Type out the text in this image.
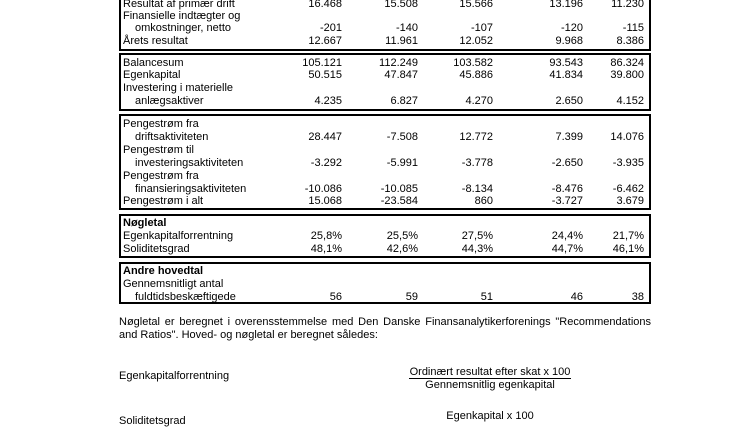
Resultat af primær drift	16.468	15.508	15.566	13.196	11.230
Finansielle indtægter og
omkostninger, netto	-201	-140	-107	-120	-115
Årets resultat	12.667	11.961	12.052	9.968	8.386
Balancesum	105.121	112.249	103.582	93.543	86.324
Egenkapital	50.515	47.847	45.886	41.834	39.800
Investering i materielle
anlægsaktiver	4.235	6.827	4.270	2.650	4.152
Pengestrøm fra
driftsaktiviteten	28.447	-7.508	12.772	7.399	14.076
Pengestrøm til
investeringsaktiviteten	-3.292	-5.991	-3.778	-2.650	-3.935
Pengestrøm fra
finansieringsaktiviteten	-10.086	-10.085	-8.134	-8.476	-6.462
Pengestrøm i alt	15.068	-23.584	860	-3.727	3.679
Nøgletal
Egenkapitalforrentning	25,8%	25,5%	27,5%	24,4%	21,7%
Soliditetsgrad	48,1%	42,6%	44,3%	44,7%	46,1%
Andre hovedtal
Gennemsnitligt antal
fuldtidsbeskæftigede	56	59	51	46	38
Nøgletal er beregnet i overensstemmelse med Den Danske Finansanalytikerforenings "Recommendations and Ratios". Hoved- og nøgletal er beregnet således:
Egenkapitalforrentning	Ordinært resultat efter skat x 100
Gennemsnitlig egenkapital
Soliditetsgrad	Egenkapital x 100
